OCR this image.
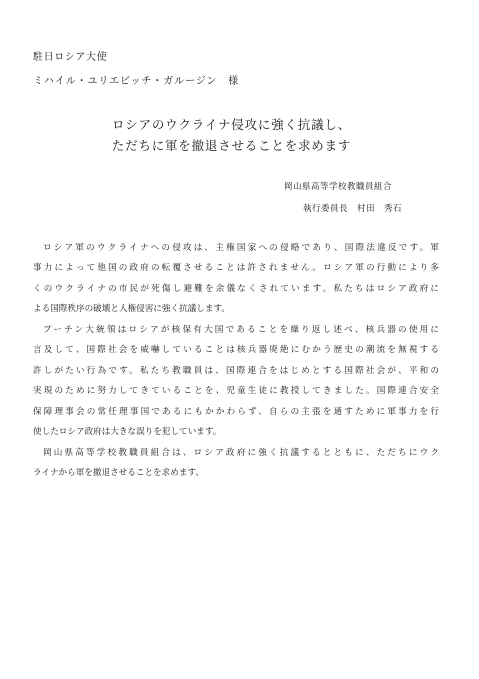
駐日ロシア大使
ミハイル・ユリエビッチ・ガルージン　様
ロシアのウクライナ侵攻に強く抗議し、
ただちに軍を撤退させることを求めます
岡山県高等学校教職員組合
執行委員長　村田　秀石
ロシア軍のウクライナへの侵攻は、主権国家への侵略であり、国際法違反です。軍
事力によって他国の政府の転覆させることは許されません。ロシア軍の行動により多
くのウクライナの市民が死傷し避難を余儀なくされています。私たちはロシア政府に
よる国際秩序の破壊と人権侵害に強く抗議します。
プーチン大統領はロシアが核保有大国であることを繰り返し述べ、核兵器の使用に
言及して、国際社会を威嚇していることは核兵器廃絶にむかう歴史の潮流を無視する
許しがたい行為です。私たち教職員は、国際連合をはじめとする国際社会が、平和の
実現のために努力してきていることを、児童生徒に教授してきました。国際連合安全
保障理事会の常任理事国であるにもかかわらず、自らの主張を通すために軍事力を行
使したロシア政府は大きな誤りを犯しています。
岡山県高等学校教職員組合は、ロシア政府に強く抗議するとともに、ただちにウク
ライナから軍を撤退させることを求めます。
